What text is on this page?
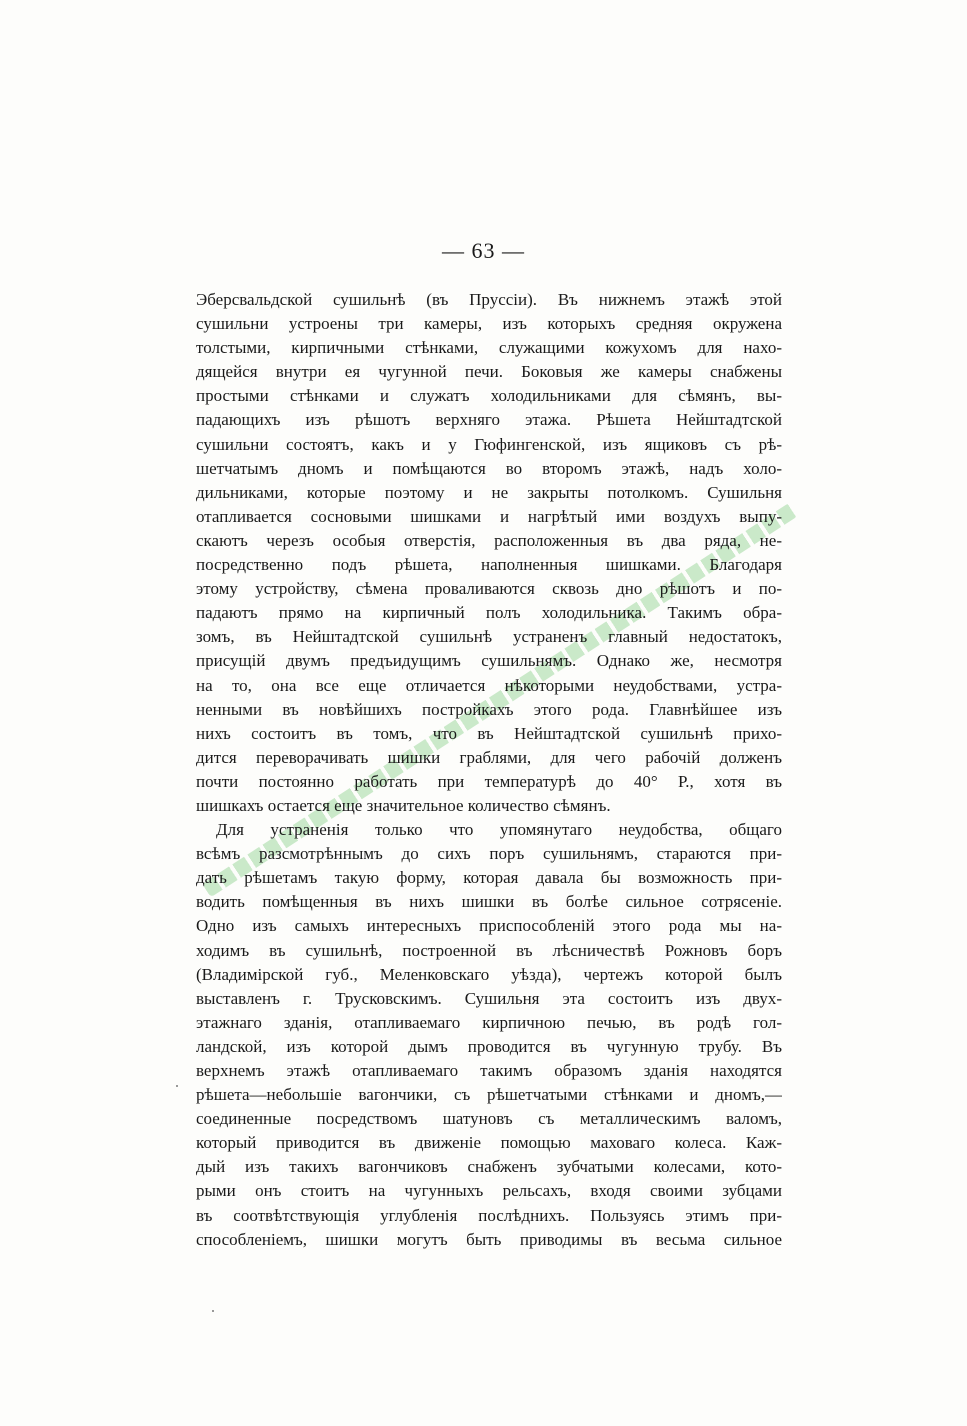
— 63 —
Эберсвальдской сушильнѣ (въ Пруссіи). Въ нижнемъ этажѣ этой
сушильни устроены три камеры, изъ которыхъ средняя окружена
толстыми, кирпичными стѣнками, служащими кожухомъ для нахо-
дящейся внутри ея чугунной печи. Боковыя же камеры снабжены
простыми стѣнками и служатъ холодильниками для сѣмянъ, вы-
падающихъ изъ рѣшотъ верхняго этажа. Рѣшета Нейштадтской
сушильни состоятъ, какъ и у Гюфингенской, изъ ящиковъ съ рѣ-
шетчатымъ дномъ и помѣщаются во второмъ этажѣ, надъ холо-
дильниками, которые поэтому и не закрыты потолкомъ. Сушильня
отапливается сосновыми шишками и нагрѣтый ими воздухъ выпу-
скаютъ черезъ особыя отверстія, расположенныя въ два ряда, не-
посредственно подъ рѣшета, наполненныя шишками. Благодаря
этому устройству, сѣмена проваливаются сквозь дно рѣшотъ и по-
падаютъ прямо на кирпичный полъ холодильника. Такимъ обра-
зомъ, въ Нейштадтской сушильнѣ устраненъ главный недостатокъ,
присущій двумъ предъидущимъ сушильнямъ. Однако же, несмотря
на то, она все еще отличается нѣкоторыми неудобствами, устра-
ненными въ новѣйшихъ постройкахъ этого рода. Главнѣйшее изъ
нихъ состоитъ въ томъ, что въ Нейштадтской сушильнѣ прихо-
дится переворачивать шишки граблями, для чего рабочій долженъ
почти постоянно работать при температурѣ до 40° Р., хотя въ
шишкахъ остается еще значительное количество сѣмянъ.
Для устраненія только что упомянутаго неудобства, общаго
всѣмъ разсмотрѣннымъ до сихъ поръ сушильнямъ, стараются при-
дать рѣшетамъ такую форму, которая давала бы возможность при-
водить помѣщенныя въ нихъ шишки въ болѣе сильное сотрясеніе.
Одно изъ самыхъ интересныхъ приспособленій этого рода мы на-
ходимъ въ сушильнѣ, построенной въ лѣсничествѣ Рожновъ боръ
(Владимірской губ., Меленковскаго уѣзда), чертежъ которой былъ
выставленъ г. Трусковскимъ. Сушильня эта состоитъ изъ двух-
этажнаго зданія, отапливаемаго кирпичною печью, въ родѣ гол-
ландской, изъ которой дымъ проводится въ чугунную трубу. Въ
верхнемъ этажѣ отапливаемаго такимъ образомъ зданія находятся
рѣшета—небольшіе вагончики, съ рѣшетчатыми стѣнками и дномъ,—
соединенные посредствомъ шатуновъ съ металлическимъ валомъ,
который приводится въ движеніе помощью маховаго колеса. Каж-
дый изъ такихъ вагончиковъ снабженъ зубчатыми колесами, кото-
рыми онъ стоитъ на чугунныхъ рельсахъ, входя своими зубцами
въ соотвѣтствующія углубленія послѣднихъ. Пользуясь этимъ при-
способленіемъ, шишки могутъ быть приводимы въ весьма сильное
